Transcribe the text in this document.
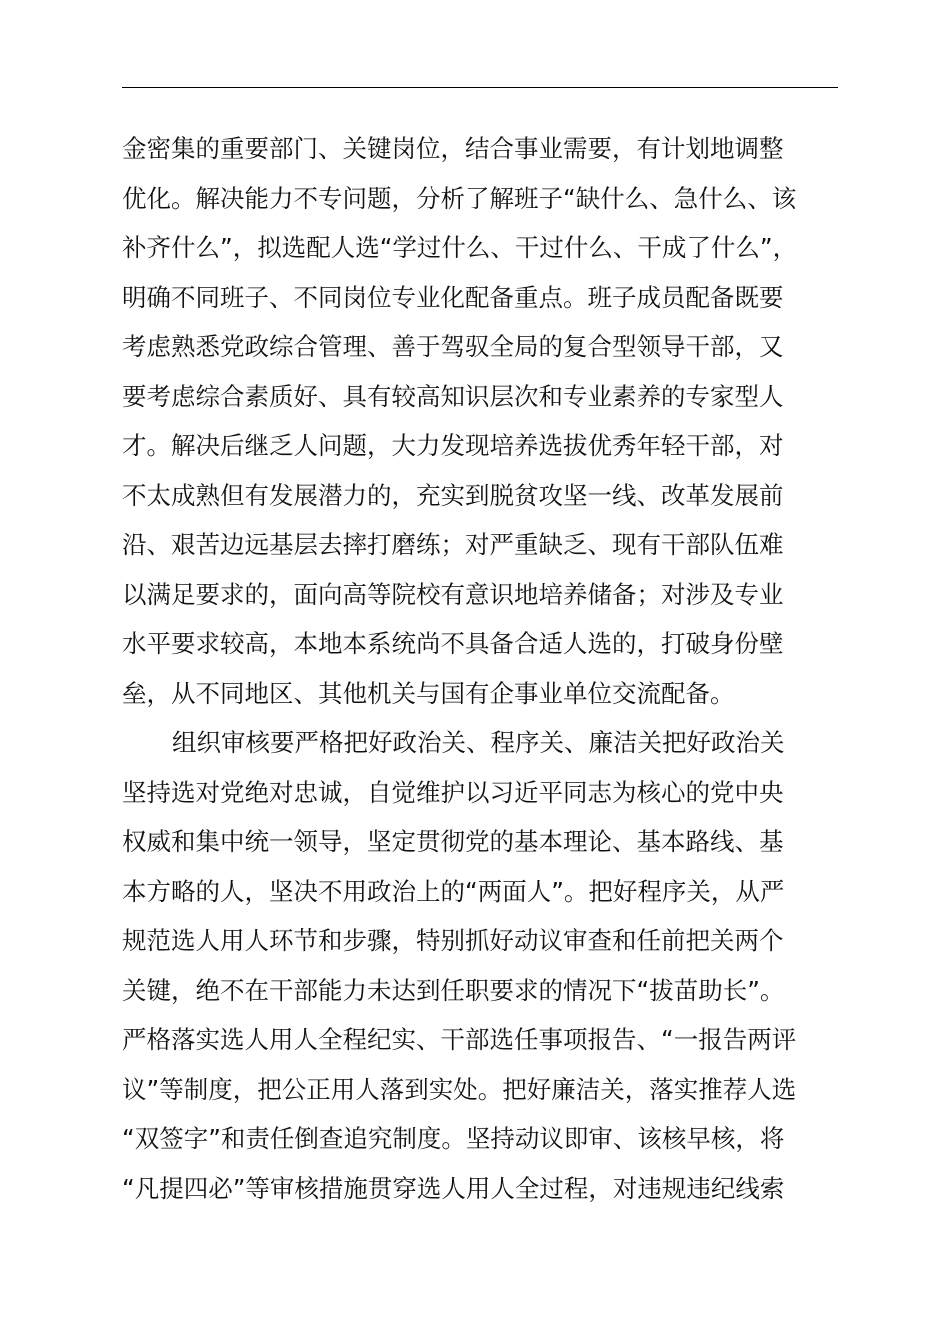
金密集的重要部门、关键岗位，结合事业需要，有计划地调整
优化。解决能力不专问题，分析了解班子“缺什么、急什么、该
补齐什么”，拟选配人选“学过什么、干过什么、干成了什么”，
明确不同班子、不同岗位专业化配备重点。班子成员配备既要
考虑熟悉党政综合管理、善于驾驭全局的复合型领导干部，又
要考虑综合素质好、具有较高知识层次和专业素养的专家型人
才。解决后继乏人问题，大力发现培养选拔优秀年轻干部，对
不太成熟但有发展潜力的，充实到脱贫攻坚一线、改革发展前
沿、艰苦边远基层去摔打磨练；对严重缺乏、现有干部队伍难
以满足要求的，面向高等院校有意识地培养储备；对涉及专业
水平要求较高，本地本系统尚不具备合适人选的，打破身份壁
垒，从不同地区、其他机关与国有企事业单位交流配备。
组织审核要严格把好政治关、程序关、廉洁关把好政治关
坚持选对党绝对忠诚，自觉维护以习近平同志为核心的党中央
权威和集中统一领导，坚定贯彻党的基本理论、基本路线、基
本方略的人，坚决不用政治上的“两面人”。把好程序关，从严
规范选人用人环节和步骤，特别抓好动议审查和任前把关两个
关键，绝不在干部能力未达到任职要求的情况下“拔苗助长”。
严格落实选人用人全程纪实、干部选任事项报告、“一报告两评
议”等制度，把公正用人落到实处。把好廉洁关，落实推荐人选
“双签字”和责任倒查追究制度。坚持动议即审、该核早核，将
“凡提四必”等审核措施贯穿选人用人全过程，对违规违纪线索
